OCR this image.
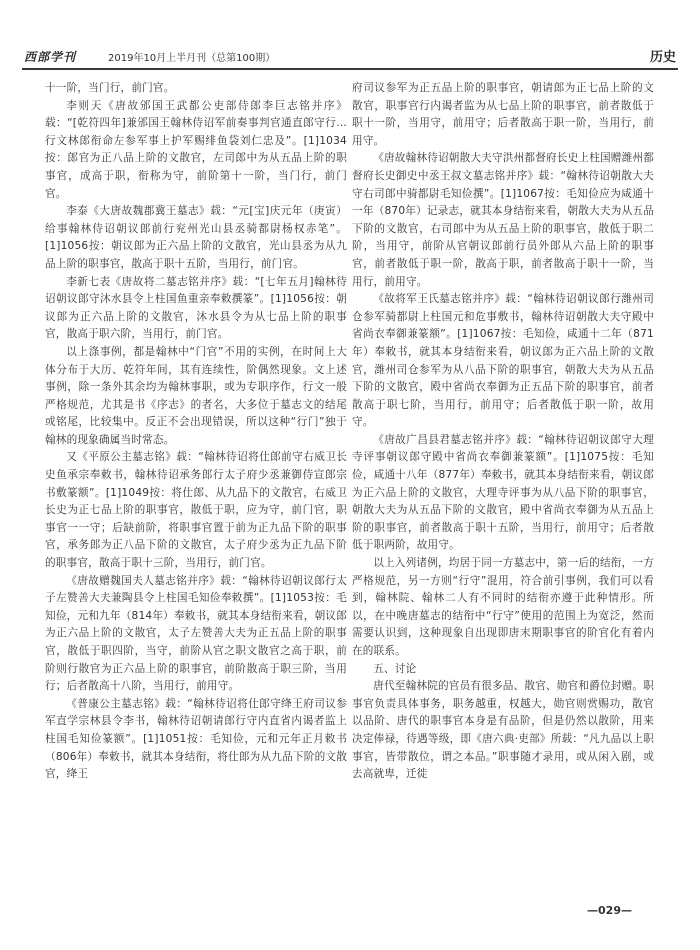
西部学刊	2019年10月上半月刊（总第100期）	历史

十一阶，当门行，前门官。

李则天《唐故邠国王武都公吏部侍郎李巨志铭并序》载：“[乾符四年]兼邠国王翰林侍诏军前奏事判官通直郎守行...行文林郎衔命左参军事上护军赐绯鱼袋刘仁忠及”。[1]1034按：郎官为正八品上阶的文散官，左司郎中为从五品上阶的职事官，成高于职，衔称为守，前阶第十一阶，当门行，前门官。

李泰《大唐故魏郡冀王墓志》载：“元[宝]庆元年（庚寅）给事翰林侍诏朝议郎前行兖州光山县丞骑都尉杨权赤笔”。[1]1056按：朝议郎为正六品上阶的文散官，光山县丞为从九品上阶的职事官，散高于职十五阶，当用行，前门官。

李新七表《唐故将二墓志铭并序》载：“[七年五月]翰林待诏朝议郎守沐水县令上柱国鱼重亲奉敕撰篆”。[1]1056按：朝议郎为正六品上阶的文散官，沐水县令为从七品上阶的职事官，散高于职六阶，当用行，前门官。

以上涤事例，都是翰林中“门官”不用的实例，在时间上大体分布于大历、乾符年间，其有连续性，阶偶然现象。文上述事例，除一条外其余均为翰林事职，或为专职序作，行文一般严格规范，尤其是书《序志》的者名，大多位于墓志文的结尾或铭尾，比较集中。反正不会出现错误，所以这种“行门”独于翰林的现象确属当时常态。

又《平原公主墓志铭》载：“翰林待诏将仕郎前守右威卫长史鱼承宗奉敕书，翰林待诏承务郎行太子府少丞兼御侍宣郎宗书敷篆额”。[1]1049按：将仕郎、从九品下的文散官，右威卫长史为正七品上阶的职事官，散低于职，应为守，前门官，职事官一一守；后缺前阶，将职事官置于前为正九品下阶的职事官，承务郎为正八品下阶的文散官，太子府少丞为正九品下阶的职事官，散高于职十三阶，当用行，前门官。

《唐故赠魏国夫人墓志铭并序》载：“翰林待诏朝议郎行太子左赞善大夫兼陶县令上柱国毛知俭奉敕撰”。[1]1053按：毛知俭，元和九年（814年）奉敕书，就其本身结衔来看，朝议郎为正六品上阶的文散官，太子左赞善大夫为正五品上阶的职事官，散低于职四阶，当守，前阶从官之职文散官之高于职，前阶则行散官为正六品上阶的职事官，前阶散高于职三阶，当用行；后者散高十八阶，当用行，前用守。

《普康公主墓志铭》载：“翰林待诏将仕郎守绛王府司议参军直学宗林县令李书，翰林待诏朝请郎行守内直省内谒者监上柱国毛知俭篆额”。[1]1051按：毛知俭，元和元年正月敕书（806年）奉敕书，就其本身结衔，将仕郎为从九品下阶的文散官，绛王

府司议参军为正五品上阶的职事官，朝请郎为正七品上阶的文散官，职事官行内谒者监为从七品上阶的职事官，前者散低于职十一阶，当用守，前用守；后者散高于职一阶，当用行，前用守。

《唐故翰林待诏朝散大夫守洪州都督府长史上柱国赠潍州都督府长史御史中丞王叔文墓志铭并序》载：“翰林待诏朝散大夫守右司郎中骑都尉毛知俭撰”。[1]1067按：毛知俭应为咸通十一年（870年）记录志，就其本身结衔来看，朝散大夫为从五品下阶的文散官，右司郎中为从五品上阶的职事官，散低于职二阶，当用守，前阶从官朝议郎前行员外郎从六品上阶的职事官，前者散低于职一阶，散高于职，前者散高于职十一阶，当用行，前用守。

《故将军王氏墓志铭并序》载：“翰林待诏朝议郎行潍州司仓参军骑都尉上柱国元和危事敷书，翰林待诏朝散大夫守殿中省尚衣奉御兼篆额”。[1]1067按：毛知俭，咸通十二年（871年）奉敕书，就其本身结衔来看，朝议郎为正六品上阶的文散官，潍州司仓参军为从八品下阶的职事官，朝散大夫为从五品下阶的文散官，殿中省尚衣奉御为正五品下阶的职事官，前者散高于职七阶，当用行，前用守；后者散低于职一阶，故用守。

《唐故广昌县君墓志铭并序》载：“翰林待诏朝议郎守大理寺评事朝议郎守殿中省尚衣奉御兼篆额”。[1]1075按：毛知俭，咸通十八年（877年）奉敕书，就其本身结衔来看，朝议郎为正六品上阶的文散官，大理寺评事为从八品下阶的职事官，朝散大夫为从五品下阶的文散官，殿中省尚衣奉御为从五品上阶的职事官，前者散高于职十五阶，当用行，前用守；后者散低于职两阶，故用守。

以上入列诸例，均居于同一方墓志中，第一后的结衔，一方严格规范，另一方则“行守”混用，符合前引事例，我们可以看到，翰林院、翰林二人有不同时的结衔亦遵于此种情形。所以，在中晚唐墓志的结衔中“行守”使用的范围上为宽泛，然而需要认识到，这种现象自出现即唐末期职事官的阶官化有着内在的联系。

五、讨论

唐代至翰林院的官员有很多品、散官、勋官和爵位封赠。职事官负责具体事务，职务越重，权越大，勋官则赏赐功，散官以品阶、唐代的职事官本身是有品阶，但是仍然以散阶，用来决定俸禄，待遇等级，即《唐六典·吏部》所载：“凡九品以上职事官，皆带散位，谓之本品。”职事随才录用，或从闲入剧，或去高就卑，迁徙

—029—
